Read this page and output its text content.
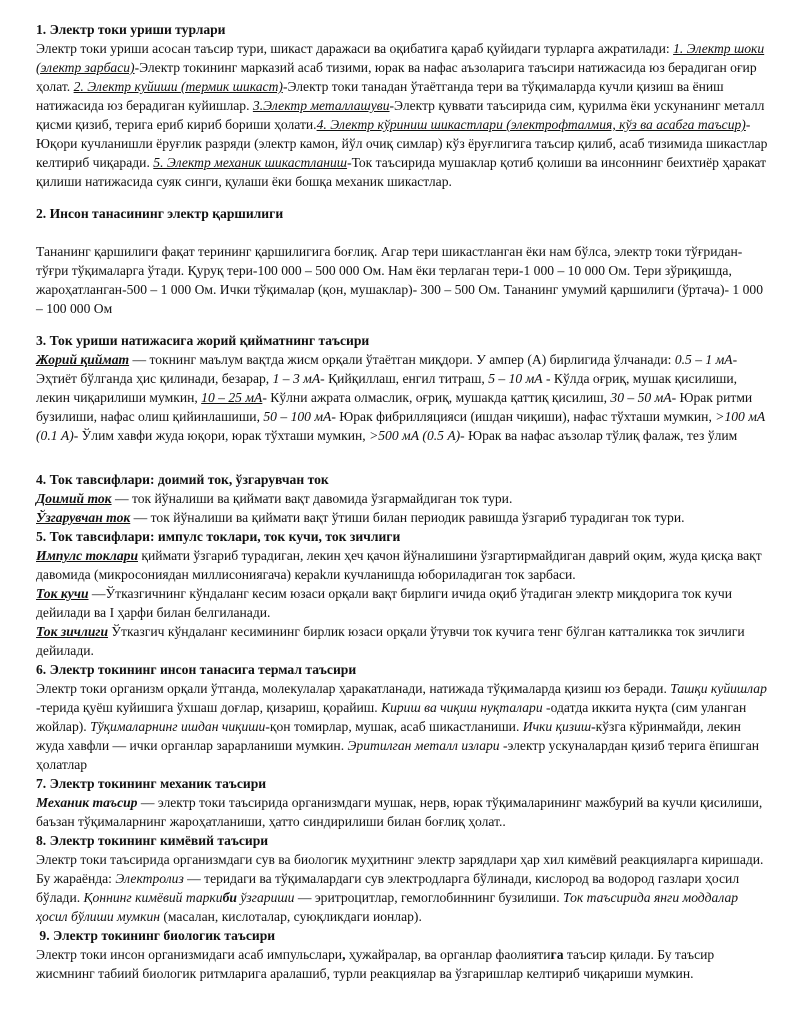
1. Электр токи уриши турлари

Электр токи уриши асосан таъсир тури, шикаст даражаси ва оқибатига қараб қуйидаги турларга ажратилади: 1. Электр шоки (электр зарбаси)-Электр токининг марказий асаб тизими, юрак ва нафас аъзоларига таъсири натижасида юз берадиган оғир ҳолат. 2. Электр куйиши (термик шикаст)-Электр токи танадан ўтаётганда тери ва тўқималарда кучли қизиш ва ёниш натижасида юз берадиган куйишлар. 3.Электр металлашуви-Электр қуввати таъсирида сим, қурилма ёки ускунанинг металл қисми қизиб, терига ериб кириб бориши ҳолати.4. Электр кўриниш шикастлари (электрофталмия, кўз ва асабга таъсир)-Юқори кучланишли ёруғлик разряди (электр камон, йўл очиқ симлар) кўз ёруғлигига таъсир қилиб, асаб тизимида шикастлар келтириб чиқаради. 5. Электр механик шикастланиш-Ток таъсирида мушаклар қотиб қолиши ва инсоннинг беихтиёр ҳаракат қилиши натижасида суяк синги, қулаши ёки бошқа механик шикастлар.

2. Инсон танасининг электр қаршилиги

Тананинг қаршилиги фақат терининг қаршилигига боғлиқ. Агар тери шикастланган ёки нам бўлса, электр токи тўғридан-тўғри тўқималарга ўтади. Қуруқ тери-100 000 – 500 000 Ом. Нам ёки терлаган тери-1 000 – 10 000 Ом. Тери зўриқишда, жароҳатланган-500 – 1 000 Ом. Ички тўқималар (қон, мушаклар)- 300 – 500 Ом. Тананинг умумий қаршилиги (ўртача)- 1 000 – 100 000 Ом

3. Ток уриши натижасига жорий қийматнинг таъсири

Жорий қиймат — токнинг маълум вақтда жисм орқали ўтаётган миқдори. У ампер (А) бирлигида ўлчанади: 0.5 – 1 мА- Эҳтиёт бўлганда ҳис қилинади, безарар, 1 – 3 мА- Қийқиллаш, енгил титраш, 5 – 10 мА - Кўлда оғриқ, мушак қисилиши, лекин чиқарилиши мумкин, 10 – 25 мА- Кўлни ажрата олмаслик, оғриқ, мушакда қаттиқ қисилиш, 30 – 50 мА- Юрак ритми бузилиши, нафас олиш қийинлашиши, 50 – 100 мА- Юрак фибрилляцияси (ишдан чиқиши), нафас тўхташи мумкин, >100 мА (0.1 А)- Ўлим хавфи жуда юқори, юрак тўхташи мумкин, >500 мА (0.5 А)- Юрак ва нафас аъзолар тўлиқ фалаж, тез ўлим

4. Ток тавсифлари: доимий ток, ўзгарувчан ток

Доимий ток — ток йўналиши ва қиймати вақт давомида ўзгармайдиган ток тури.

Ўзгарувчан ток — ток йўналиши ва қиймати вақт ўтиши билан периодик равишда ўзгариб турадиган ток тури.

5. Ток тавсифлари: импулс токлари, ток кучи, ток зичлиги

Импулс токлари қиймати ўзгариб турадиган, лекин ҳеч қачон йўналишини ўзгартирмайдиган даврий оқим, жуда қисқа вақт давомида (микросониядан миллисониягача) кераkли кучланишда юбориладиган ток зарбаси.

Ток кучи —Ўтказгичнинг кўндаланг кесим юзаси орқали вақт бирлиги ичида оқиб ўтадиган электр миқдорига ток кучи дейилади ва I ҳарфи билан белгиланади.

Ток зичлиги Ўтказгич кўндаланг кесимининг бирлик юзаси орқали ўтувчи ток кучига тенг бўлган катталикка ток зичлиги дейилади.

6. Электр токининг инсон танасига термал таъсири

Электр токи организм орқали ўтганда, молекулалар ҳаракатланади, натижада тўқималарда қизиш юз беради. Ташқи куйишлар -терида қуёш куйишига ўхшаш доғлар, қизариш, қорайиш. Кириш ва чиқиш нуқталари -одатда иккита нуқта (сим уланган жойлар). Тўқималарнинг ишдан чиқиши-қон томирлар, мушак, асаб шикастланиши. Ички қизиш-кўзга кўринмайди, лекин жуда хавфли — ички органлар зарарланиши мумкин. Эритилган металл излари -электр ускуналардан қизиб терига ёпишган ҳолатлар

7. Электр токининг механик таъсири

Механик таъсир — электр токи таъсирида организмдаги мушак, нерв, юрак тўқималарининг мажбурий ва кучли қисилиши, баъзан тўқималарнинг жароҳатланиши, ҳатто синдирилиши билан боғлиқ ҳолат..

8. Электр токининг кимёвий таъсири

Электр токи таъсирида организмдаги сув ва биологик муҳитнинг электр зарядлари ҳар хил кимёвий реакцияларга киришади. Бу жараёнда: Электролиз — теридаги ва тўқималардаги сув электродларга бўлинади, кислород ва водород газлари ҳосил бўлади. Қоннинг кимёвий таркиби ўзгариши — эритроцитлар, гемоглобиннинг бузилиши. Ток таъсирида янги моддалар ҳосил бўлиши мумкин (масалан, кислоталар, суюқликдаги ионлар).

9. Электр токининг биологик таъсири

Электр токи инсон организмидаги асаб импульслари, ҳужайралар, ва органлар фаолиятига таъсир қилади. Бу таъсир жисмнинг табиий биологик ритмларига аралашиб, турли реакциялар ва ўзгаришлар келтириб чиқариши мумкин.
